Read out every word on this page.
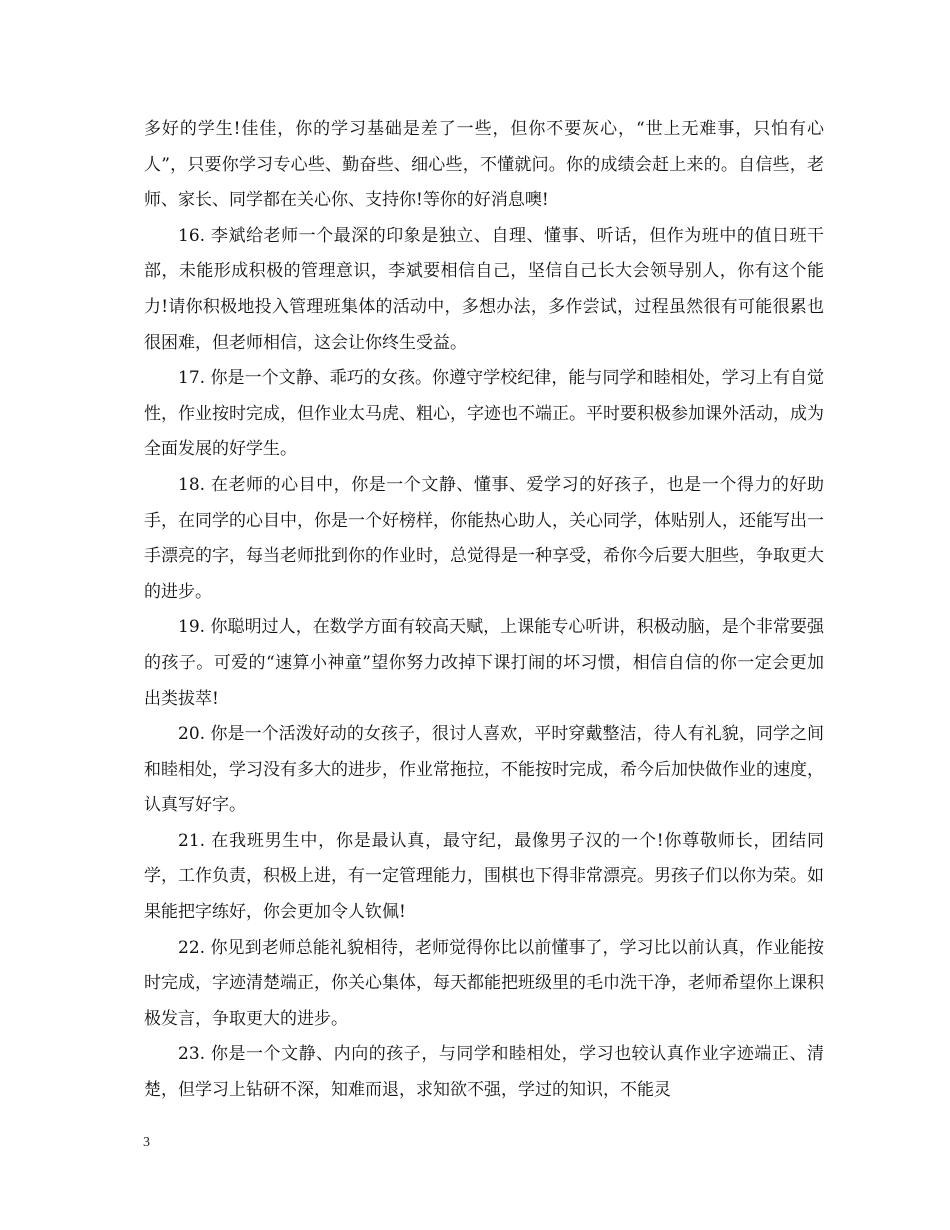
多好的学生!佳佳，你的学习基础是差了一些，但你不要灰心，“世上无难事，只怕有心人”，只要你学习专心些、勤奋些、细心些，不懂就问。你的成绩会赶上来的。自信些，老师、家长、同学都在关心你、支持你!等你的好消息噢!

16. 李斌给老师一个最深的印象是独立、自理、懂事、听话，但作为班中的值日班干部，未能形成积极的管理意识，李斌要相信自己，坚信自己长大会领导别人，你有这个能力!请你积极地投入管理班集体的活动中，多想办法，多作尝试，过程虽然很有可能很累也很困难，但老师相信，这会让你终生受益。

17. 你是一个文静、乖巧的女孩。你遵守学校纪律，能与同学和睦相处，学习上有自觉性，作业按时完成，但作业太马虎、粗心，字迹也不端正。平时要积极参加课外活动，成为全面发展的好学生。

18. 在老师的心目中，你是一个文静、懂事、爱学习的好孩子，也是一个得力的好助手，在同学的心目中，你是一个好榜样，你能热心助人，关心同学，体贴别人，还能写出一手漂亮的字，每当老师批到你的作业时，总觉得是一种享受，希你今后要大胆些，争取更大的进步。

19. 你聪明过人，在数学方面有较高天赋，上课能专心听讲，积极动脑，是个非常要强的孩子。可爱的“速算小神童”望你努力改掉下课打闹的坏习惯，相信自信的你一定会更加出类拔萃!

20. 你是一个活泼好动的女孩子，很讨人喜欢，平时穿戴整洁，待人有礼貌，同学之间和睦相处，学习没有多大的进步，作业常拖拉，不能按时完成，希今后加快做作业的速度，认真写好字。

21. 在我班男生中，你是最认真，最守纪，最像男子汉的一个!你尊敬师长，团结同学，工作负责，积极上进，有一定管理能力，围棋也下得非常漂亮。男孩子们以你为荣。如果能把字练好，你会更加令人钦佩!

22. 你见到老师总能礼貌相待，老师觉得你比以前懂事了，学习比以前认真，作业能按时完成，字迹清楚端正，你关心集体，每天都能把班级里的毛巾洗干净，老师希望你上课积极发言，争取更大的进步。

23. 你是一个文静、内向的孩子，与同学和睦相处，学习也较认真作业字迹端正、清楚，但学习上钻研不深，知难而退，求知欲不强，学过的知识，不能灵

3
